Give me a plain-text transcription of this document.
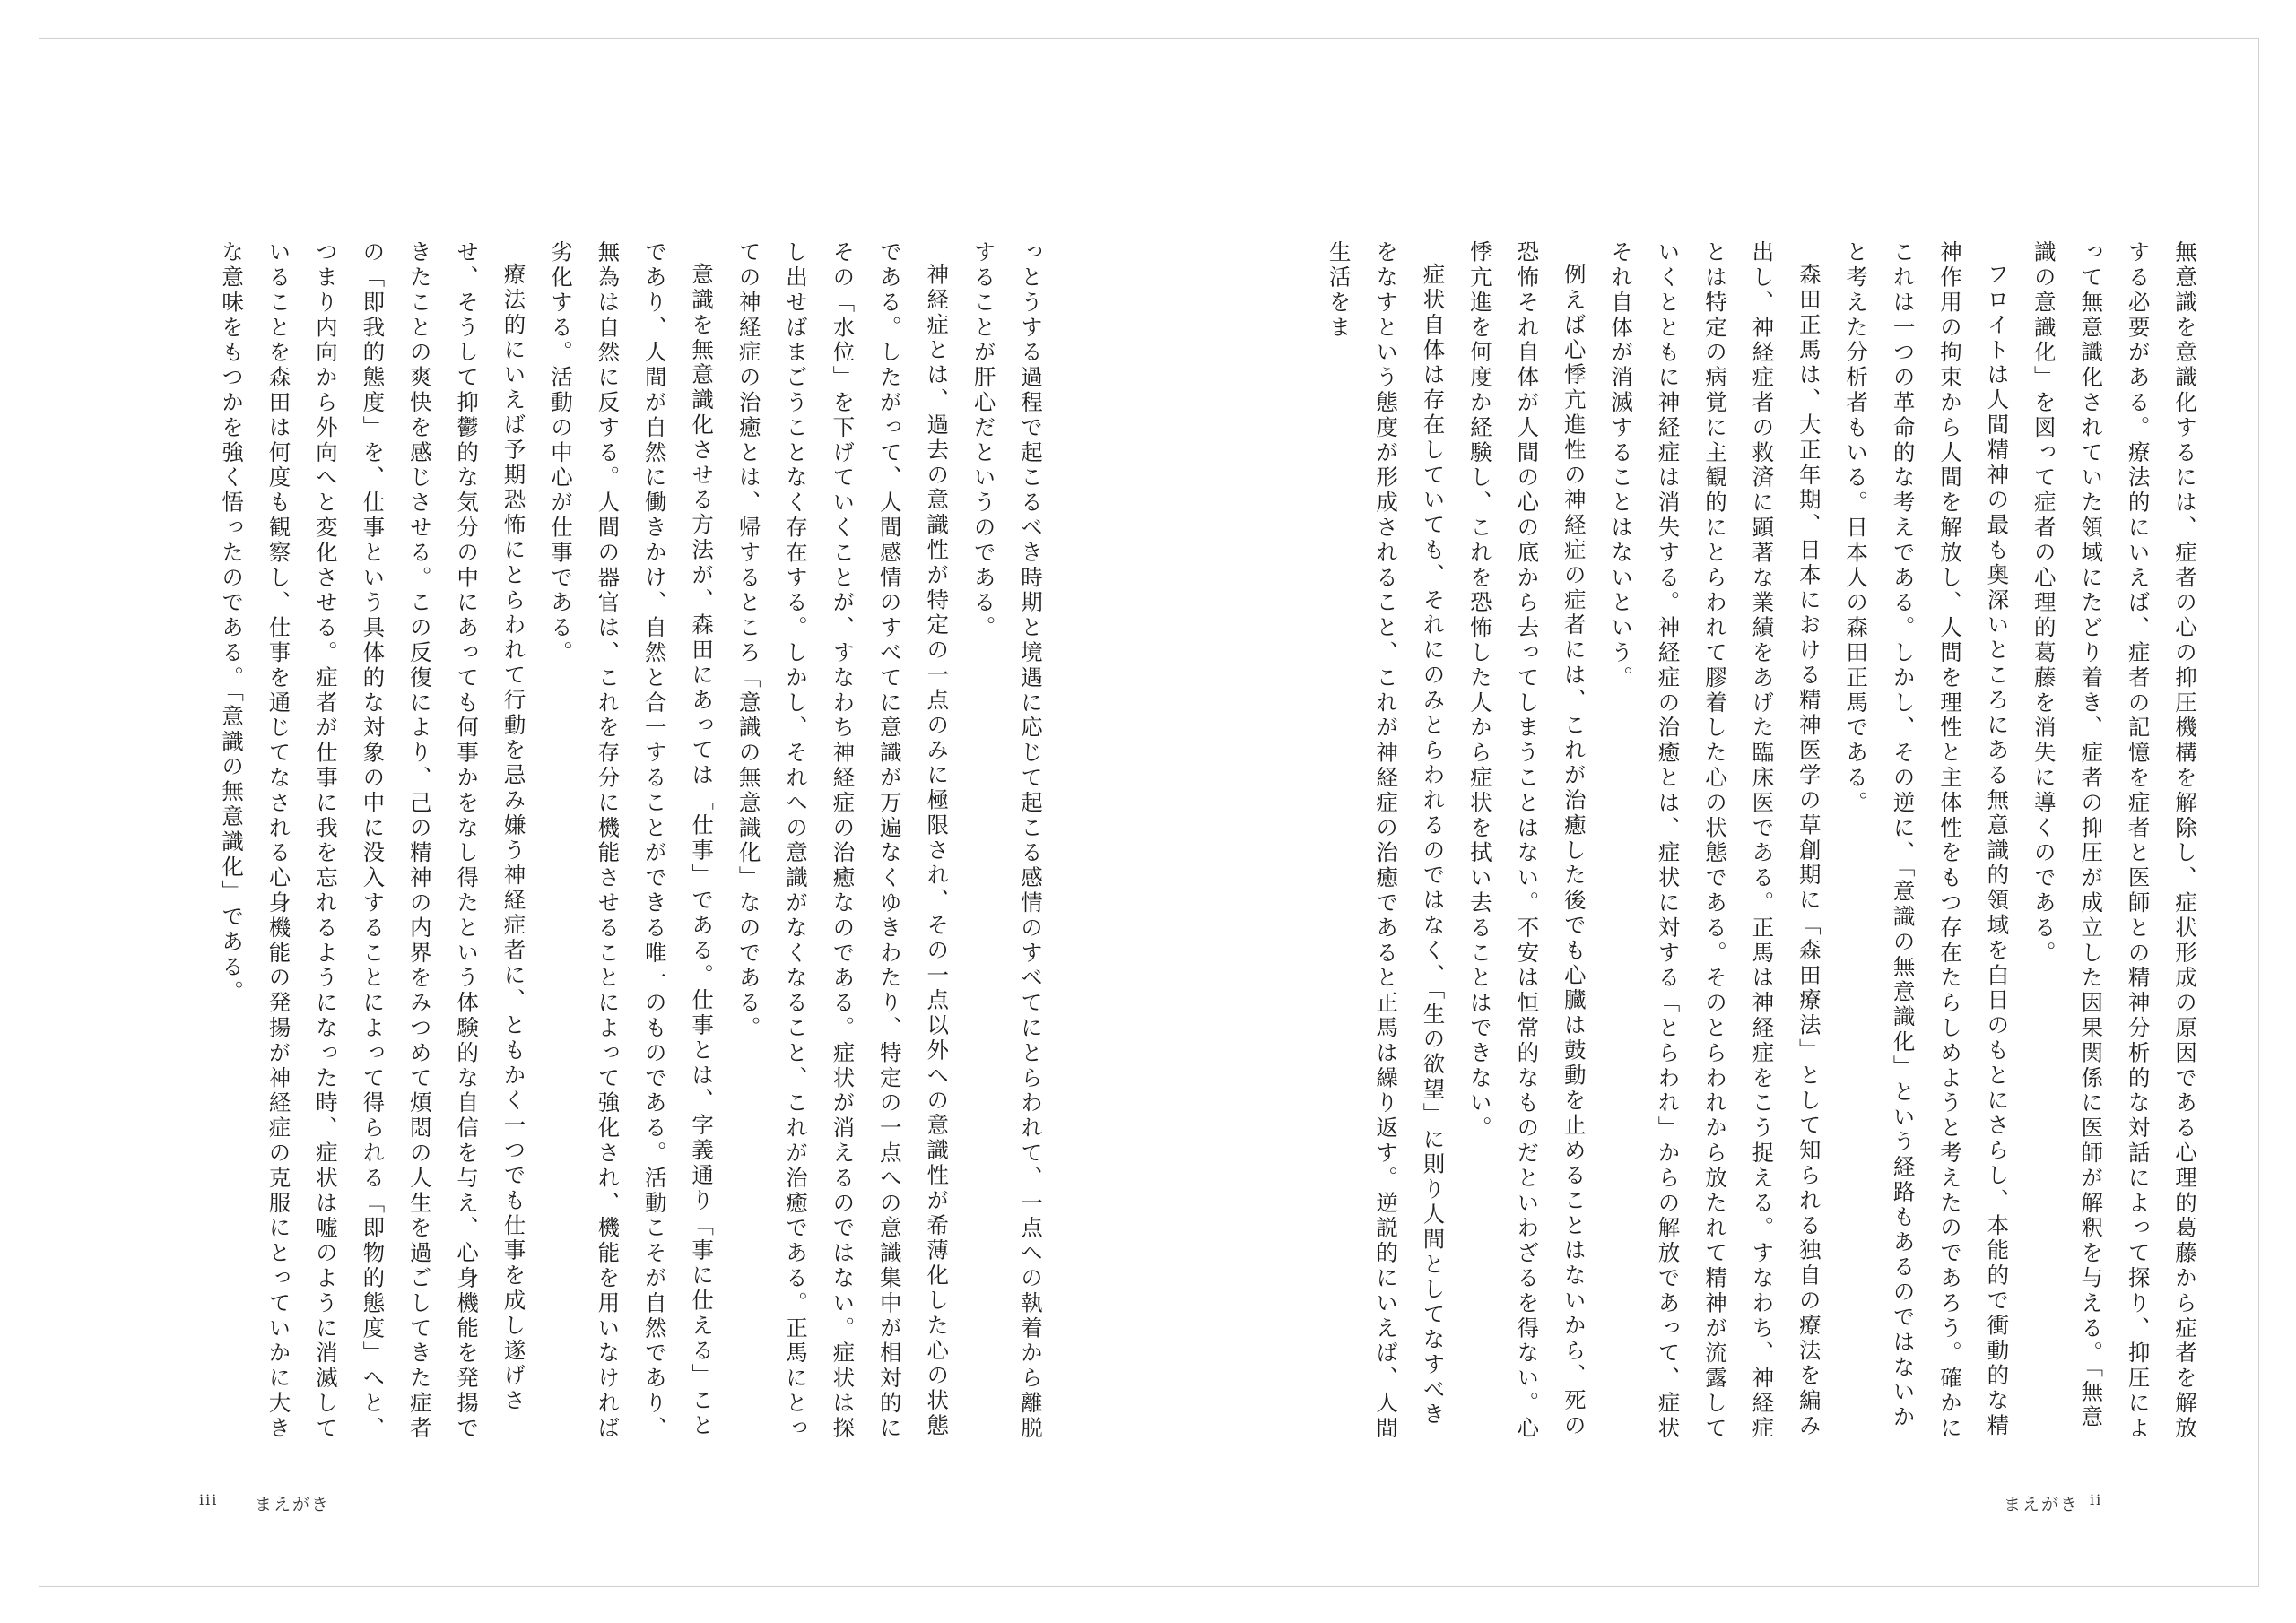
っとうする過程で起こるべき時期と境遇に応じて起こる感情のすべてにとらわれて、一点への執着から離脱することが肝心だというのである。

神経症とは、過去の意識性が特定の一点のみに極限され、その一点以外への意識性が希薄化した心の状態である。したがって、人間感情のすべてに意識が万遍なくゆきわたり、特定の一点への意識集中が相対的にその「水位」を下げていくことが、すなわち神経症の治癒なのである。症状が消えるのではない。症状は探し出せばまごうことなく存在する。しかし、それへの意識がなくなること、これが治癒である。正馬にとっての神経症の治癒とは、帰するところ「意識の無意識化」なのである。

意識を無意識化させる方法が、森田にあっては「仕事」である。仕事とは、字義通り「事に仕える」ことであり、人間が自然に働きかけ、自然と合一することができる唯一のものである。活動こそが自然であり、無為は自然に反する。人間の器官は、これを存分に機能させることによって強化され、機能を用いなければ劣化する。活動の中心が仕事である。

療法的にいえば予期恐怖にとらわれて行動を忌み嫌う神経症者に、ともかく一つでも仕事を成し遂げさせ、そうして抑鬱的な気分の中にあっても何事かをなし得たという体験的な自信を与え、心身機能を発揚できたことの爽快を感じさせる。この反復により、己の精神の内界をみつめて煩悶の人生を過ごしてきた症者の「即我的態度」を、仕事という具体的な対象の中に没入することによって得られる「即物的態度」へと、つまり内向から外向へと変化させる。症者が仕事に我を忘れるようになった時、症状は嘘のように消滅していることを森田は何度も観察し、仕事を通じてなされる心身機能の発揚が神経症の克服にとっていかに大きな意味をもつかを強く悟ったのである。「意識の無意識化」である。

iii まえがき

無意識を意識化するには、症者の心の抑圧機構を解除し、症状形成の原因である心理的葛藤から症者を解放する必要がある。療法的にいえば、症者の記憶を症者と医師との精神分析的な対話によって探り、抑圧によって無意識化されていた領域にたどり着き、症者の抑圧が成立した因果関係に医師が解釈を与える。「無意識の意識化」を図って症者の心理的葛藤を消失に導くのである。

フロイトは人間精神の最も奥深いところにある無意識的領域を白日のもとにさらし、本能的で衝動的な精神作用の拘束から人間を解放し、人間を理性と主体性をもつ存在たらしめようと考えたのであろう。確かにこれは一つの革命的な考えである。しかし、その逆に、「意識の無意識化」という経路もあるのではないかと考えた分析者もいる。日本人の森田正馬である。

森田正馬は、大正年期、日本における精神医学の草創期に「森田療法」として知られる独自の療法を編み出し、神経症者の救済に顕著な業績をあげた臨床医である。正馬は神経症をこう捉える。すなわち、神経症とは特定の病覚に主観的にとらわれて膠着した心の状態である。そのとらわれから放たれて精神が流露していくとともに神経症は消失する。神経症の治癒とは、症状に対する「とらわれ」からの解放であって、症状それ自体が消滅することはないという。

例えば心悸亢進性の神経症の症者には、これが治癒した後でも心臓は鼓動を止めることはないから、死の恐怖それ自体が人間の心の底から去ってしまうことはない。不安は恒常的なものだといわざるを得ない。心悸亢進を何度か経験し、これを恐怖した人から症状を拭い去ることはできない。

症状自体は存在していても、それにのみとらわれるのではなく、「生の欲望」に則り人間としてなすべきをなすという態度が形成されること、これが神経症の治癒であると正馬は繰り返す。逆説的にいえば、人間生活をま

まえがき ii
